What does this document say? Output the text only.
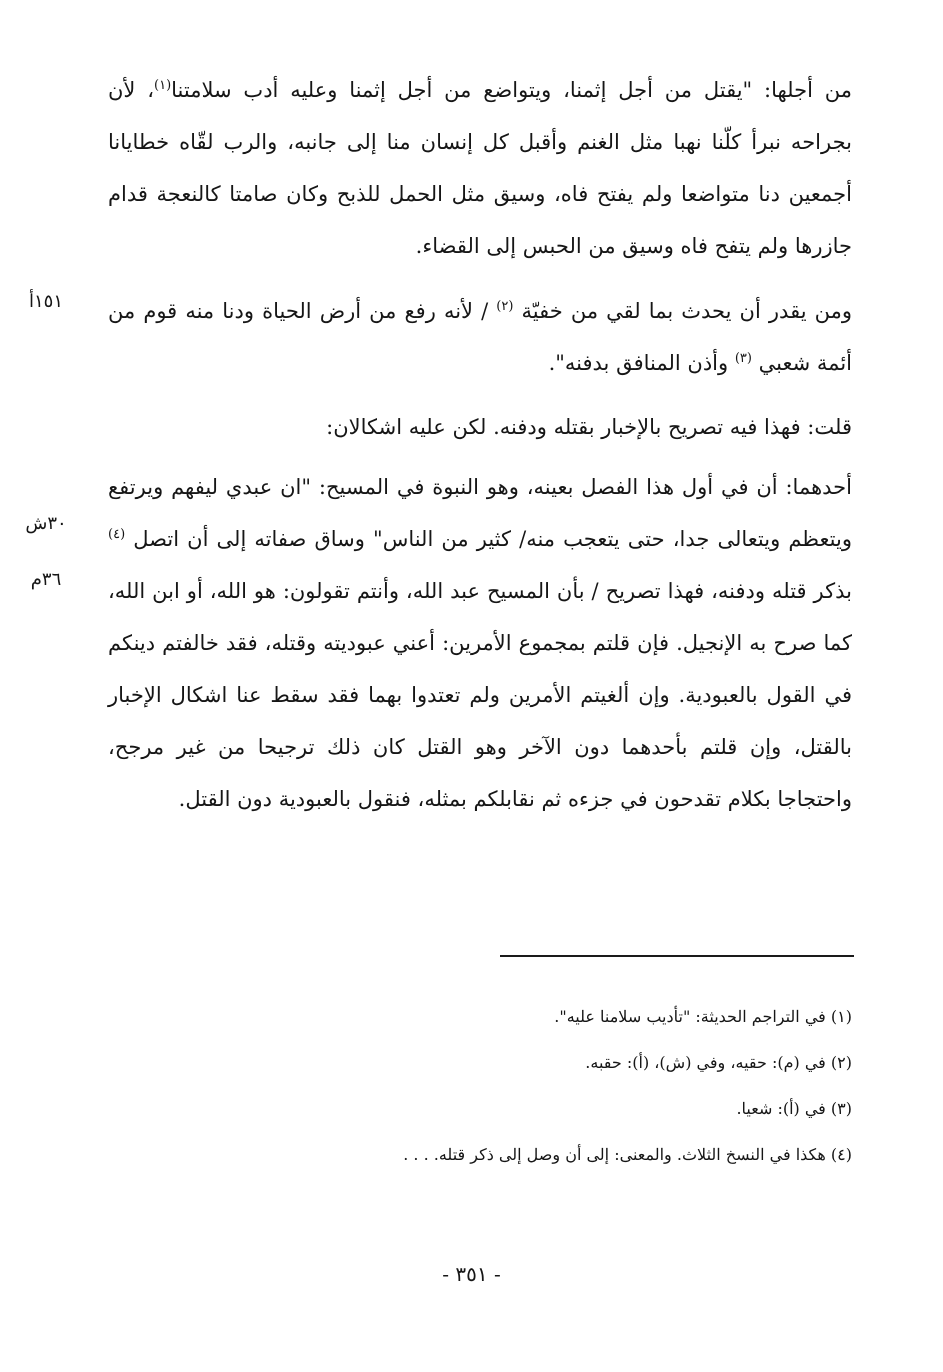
من أجلها: "يقتل من أجل إثمنا، ويتواضع من أجل إثمنا وعليه أدب سلامتنا$^{(١)}$، لأن بجراحه نبرأ كلّنا نهبا مثل الغنم وأقبل كل إنسان منا إلى جانبه، والرب لقّاه خطايانا أجمعين دنا متواضعا ولم يفتح فاه، وسيق مثل الحمل للذبح وكان صامتا كالنعجة قدام جازرها ولم يتفح فاه وسيق من الحبس إلى القضاء.

ومن يقدر أن يحدث بما لقي من خفيّة $^{(٢)}$ / لأنه رفع من أرض الحياة ودنا منه قوم من أئمة شعبي $^{(٣)}$ وأذن المنافق بدفنه".

قلت: فهذا فيه تصريح بالإخبار بقتله ودفنه. لكن عليه اشكالان:

أحدهما: أن في أول هذا الفصل بعينه، وهو النبوة في المسيح: "ان عبدي ليفهم ويرتفع ويتعظم ويتعالى جدا، حتى يتعجب منه/ كثير من الناس" وساق صفاته إلى أن اتصل $^{(٤)}$ بذكر قتله ودفنه، فهذا تصريح / بأن المسيح عبد الله، وأنتم تقولون: هو الله، أو ابن الله، كما صرح به الإنجيل. فإن قلتم بمجموع الأمرين: أعني عبوديته وقتله، فقد خالفتم دينكم في القول بالعبودية. وإن ألغيتم الأمرين ولم تعتدوا بهما فقد سقط عنا اشكال الإخبار بالقتل، وإن قلتم بأحدهما دون الآخر وهو القتل كان ذلك ترجيحا من غير مرجح، واحتجاجا بكلام تقدحون في جزءه ثم نقابلكم بمثله، فنقول بالعبودية دون القتل.

١٥١أ
٣٠ش
٣٦م
(١) في التراجم الحديثة: "تأديب سلامنا عليه".
(٢) في (م): حقيه، وفي (ش)، (أ): حقبه.
(٣) في (أ): شعيا.
(٤) هكذا في النسخ الثلاث. والمعنى: إلى أن وصل إلى ذكر قتله. . . .
- ٣٥١ -
